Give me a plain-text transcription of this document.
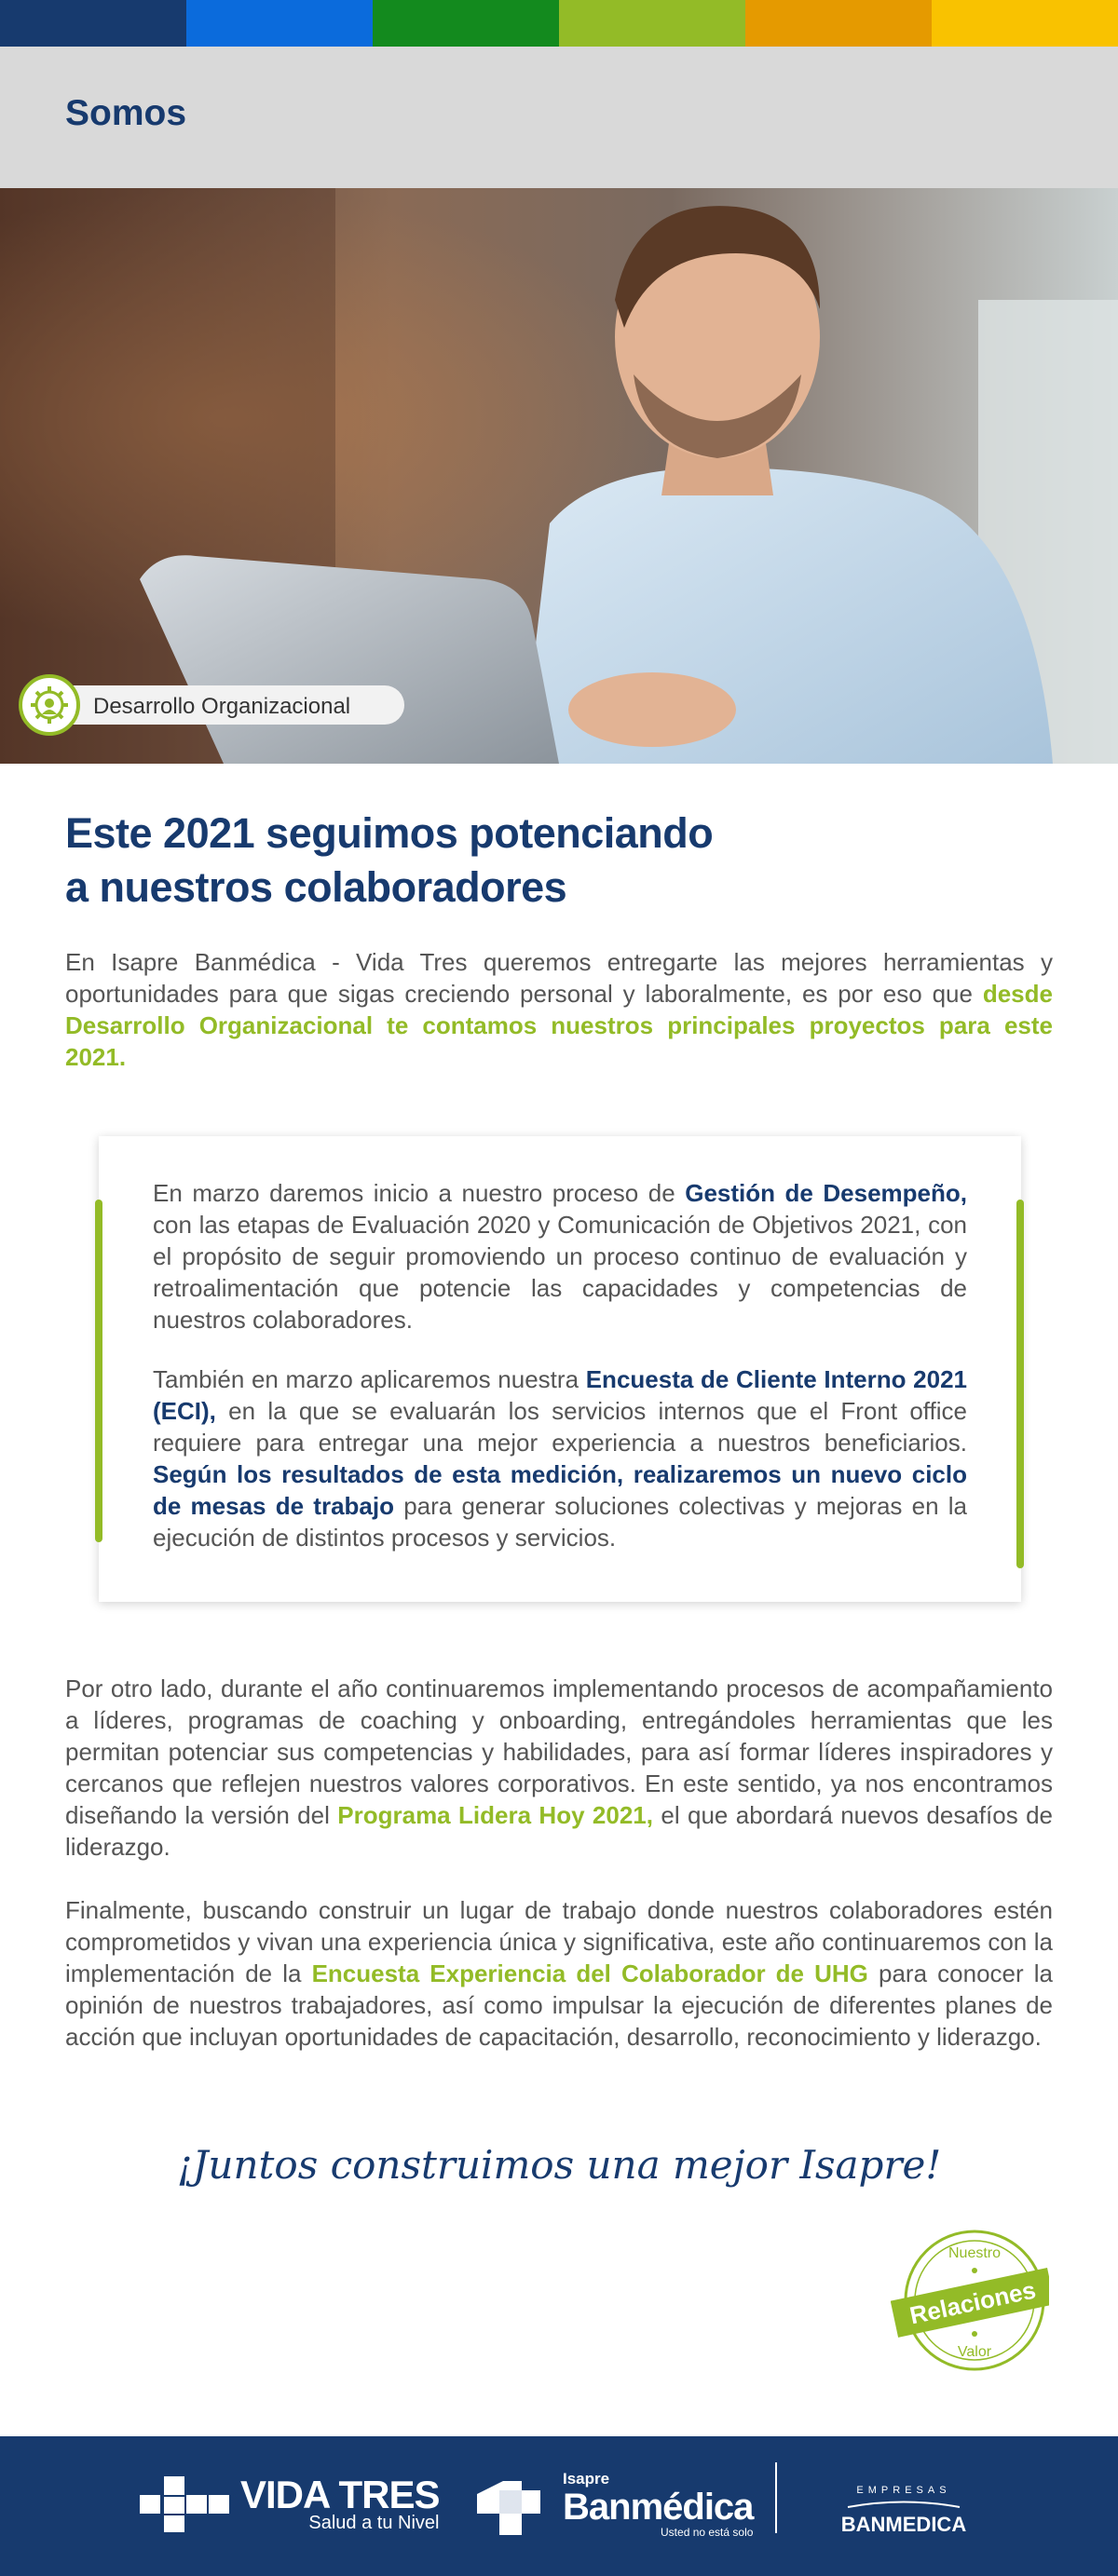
Somos
Desarrollo Organizacional
Este 2021 seguimos potenciando
a nuestros colaboradores

En Isapre Banmédica - Vida Tres queremos entregarte las mejores herramientas y oportunidades para que sigas creciendo personal y laboralmente, es por eso que desde Desarrollo Organizacional te contamos nuestros principales proyectos para este 2021.

En marzo daremos inicio a nuestro proceso de Gestión de Desempeño, con las etapas de Evaluación 2020 y Comunicación de Objetivos 2021, con el propósito de seguir promoviendo un proceso continuo de evaluación y retroalimentación que potencie las capacidades y competencias de nuestros colaboradores.

También en marzo aplicaremos nuestra Encuesta de Cliente Interno 2021 (ECI), en la que se evaluarán los servicios internos que el Front office requiere para entregar una mejor experiencia a nuestros beneficiarios. Según los resultados de esta medición, realizaremos un nuevo ciclo de mesas de trabajo para generar soluciones colectivas y mejoras en la ejecución de distintos procesos y servicios.

Por otro lado, durante el año continuaremos implementando procesos de acompañamiento a líderes, programas de coaching y onboarding, entregándoles herramientas que les permitan potenciar sus competencias y habilidades, para así formar líderes inspiradores y cercanos que reflejen nuestros valores corporativos. En este sentido, ya nos encontramos diseñando la versión del Programa Lidera Hoy 2021, el que abordará nuevos desafíos de liderazgo.

Finalmente, buscando construir un lugar de trabajo donde nuestros colaboradores estén comprometidos y vivan una experiencia única y significativa, este año continuaremos con la implementación de la Encuesta Experiencia del Colaborador de UHG para conocer la opinión de nuestros trabajadores, así como impulsar la ejecución de diferentes planes de acción que incluyan oportunidades de capacitación, desarrollo, reconocimiento y liderazgo.

¡Juntos construimos una mejor Isapre!
Nuestro
Relaciones
Valor
VIDA TRES
Salud a tu Nivel
Isapre
Banmédica
Usted no está solo
EMPRESAS
BANMEDICA
